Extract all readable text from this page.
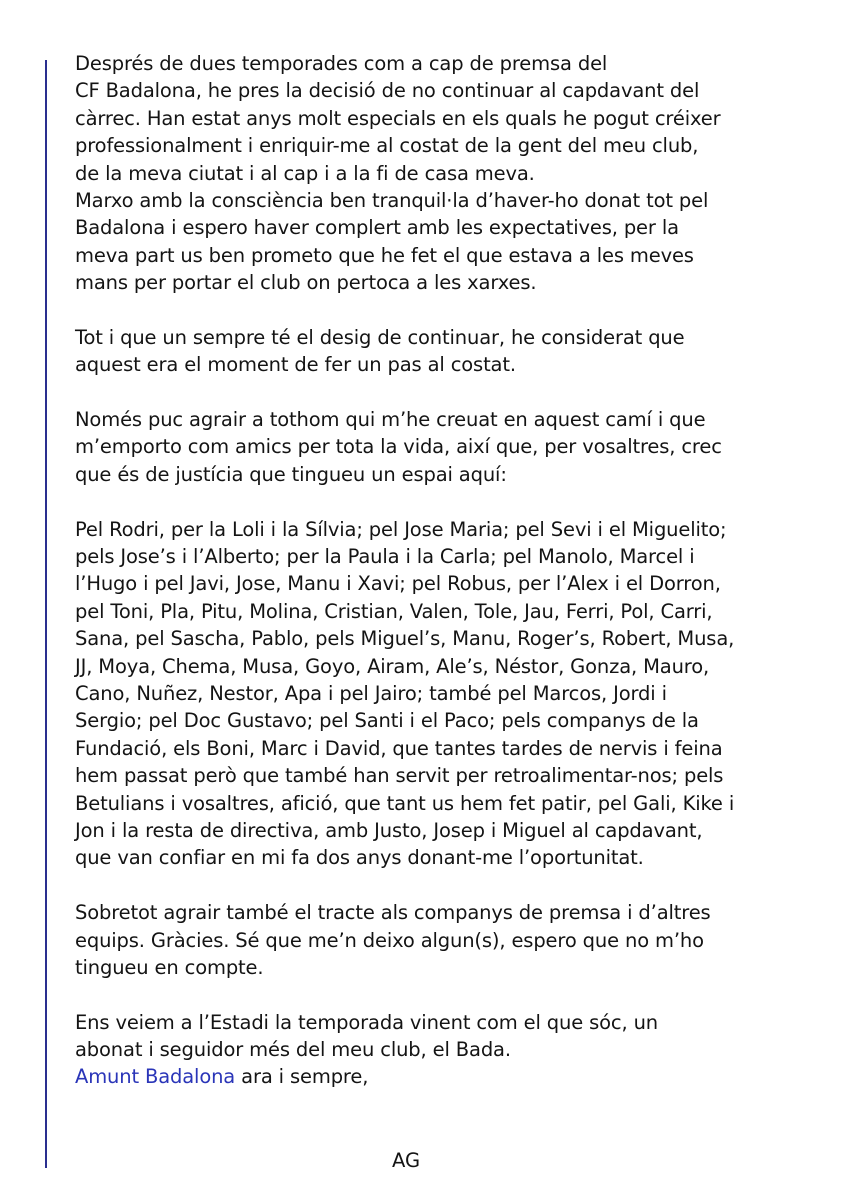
Després de dues temporades com a cap de premsa del
CF Badalona, he pres la decisió de no continuar al capdavant del
càrrec. Han estat anys molt especials en els quals he pogut créixer
professionalment i enriquir-me al costat de la gent del meu club,
de la meva ciutat i al cap i a la fi de casa meva.
Marxo amb la consciència ben tranquil·la d’haver-ho donat tot pel
Badalona i espero haver complert amb les expectatives, per la
meva part us ben prometo que he fet el que estava a les meves
mans per portar el club on pertoca a les xarxes.
Tot i que un sempre té el desig de continuar, he considerat que
aquest era el moment de fer un pas al costat.
Només puc agrair a tothom qui m’he creuat en aquest camí i que
m’emporto com amics per tota la vida, així que, per vosaltres, crec
que és de justícia que tingueu un espai aquí:
Pel Rodri, per la Loli i la Sílvia; pel Jose Maria; pel Sevi i el Miguelito;
pels Jose’s i l’Alberto; per la Paula i la Carla; pel Manolo, Marcel i
l’Hugo i pel Javi, Jose, Manu i Xavi; pel Robus, per l’Alex i el Dorron,
pel Toni, Pla, Pitu, Molina, Cristian, Valen, Tole, Jau, Ferri, Pol, Carri,
Sana, pel Sascha, Pablo, pels Miguel’s, Manu, Roger’s, Robert, Musa,
JJ, Moya, Chema, Musa, Goyo, Airam, Ale’s, Néstor, Gonza, Mauro,
Cano, Nuñez, Nestor, Apa i pel Jairo; també pel Marcos, Jordi i
Sergio; pel Doc Gustavo; pel Santi i el Paco; pels companys de la
Fundació, els Boni, Marc i David, que tantes tardes de nervis i feina
hem passat però que també han servit per retroalimentar-nos; pels
Betulians i vosaltres, afició, que tant us hem fet patir, pel Gali, Kike i
Jon i la resta de directiva, amb Justo, Josep i Miguel al capdavant,
que van confiar en mi fa dos anys donant-me l’oportunitat.
Sobretot agrair també el tracte als companys de premsa i d’altres
equips. Gràcies. Sé que me’n deixo algun(s), espero que no m’ho
tingueu en compte.
Ens veiem a l’Estadi la temporada vinent com el que sóc, un
abonat i seguidor més del meu club, el Bada.
Amunt Badalona ara i sempre,
AG
